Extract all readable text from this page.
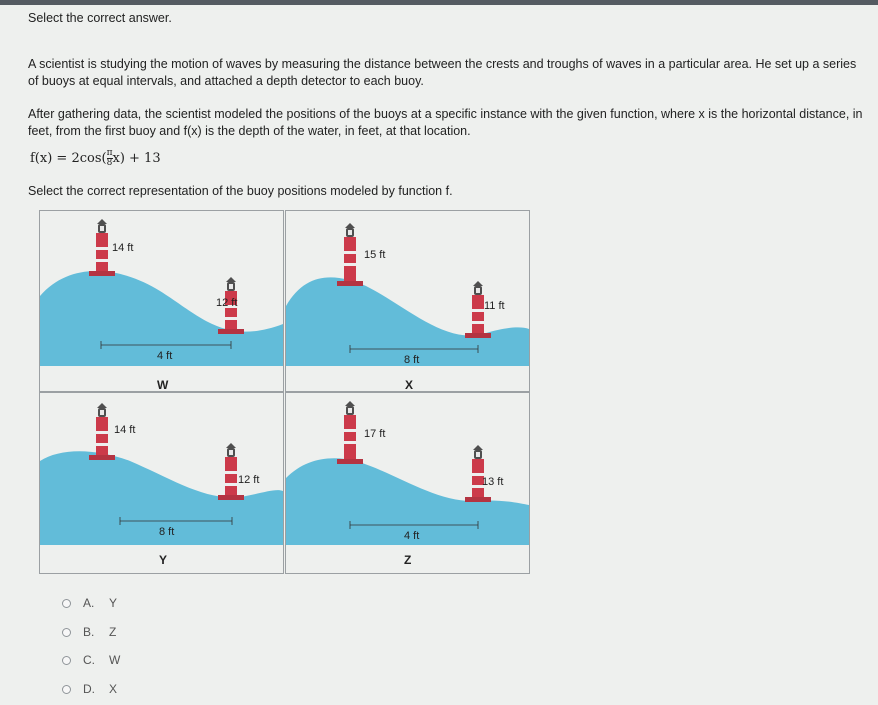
Select the correct answer.
A scientist is studying the motion of waves by measuring the distance between the crests and troughs of waves in a particular area. He set up a series of buoys at equal intervals, and attached a depth detector to each buoy.
After gathering data, the scientist modeled the positions of the buoys at a specific instance with the given function, where x is the horizontal distance, in feet, from the first buoy and f(x) is the depth of the water, in feet, at that location.
$f(x) = 2\cos( \frac{\pi}{8} x) + 13$
Select the correct representation of the buoy positions modeled by function f.
14 ft
12 ft
4 ft
W
15 ft
11 ft
8 ft
X
14 ft
12 ft
8 ft
Y
17 ft
13 ft
4 ft
Z
A.	Y
B.	Z
C.	W
D.	X
